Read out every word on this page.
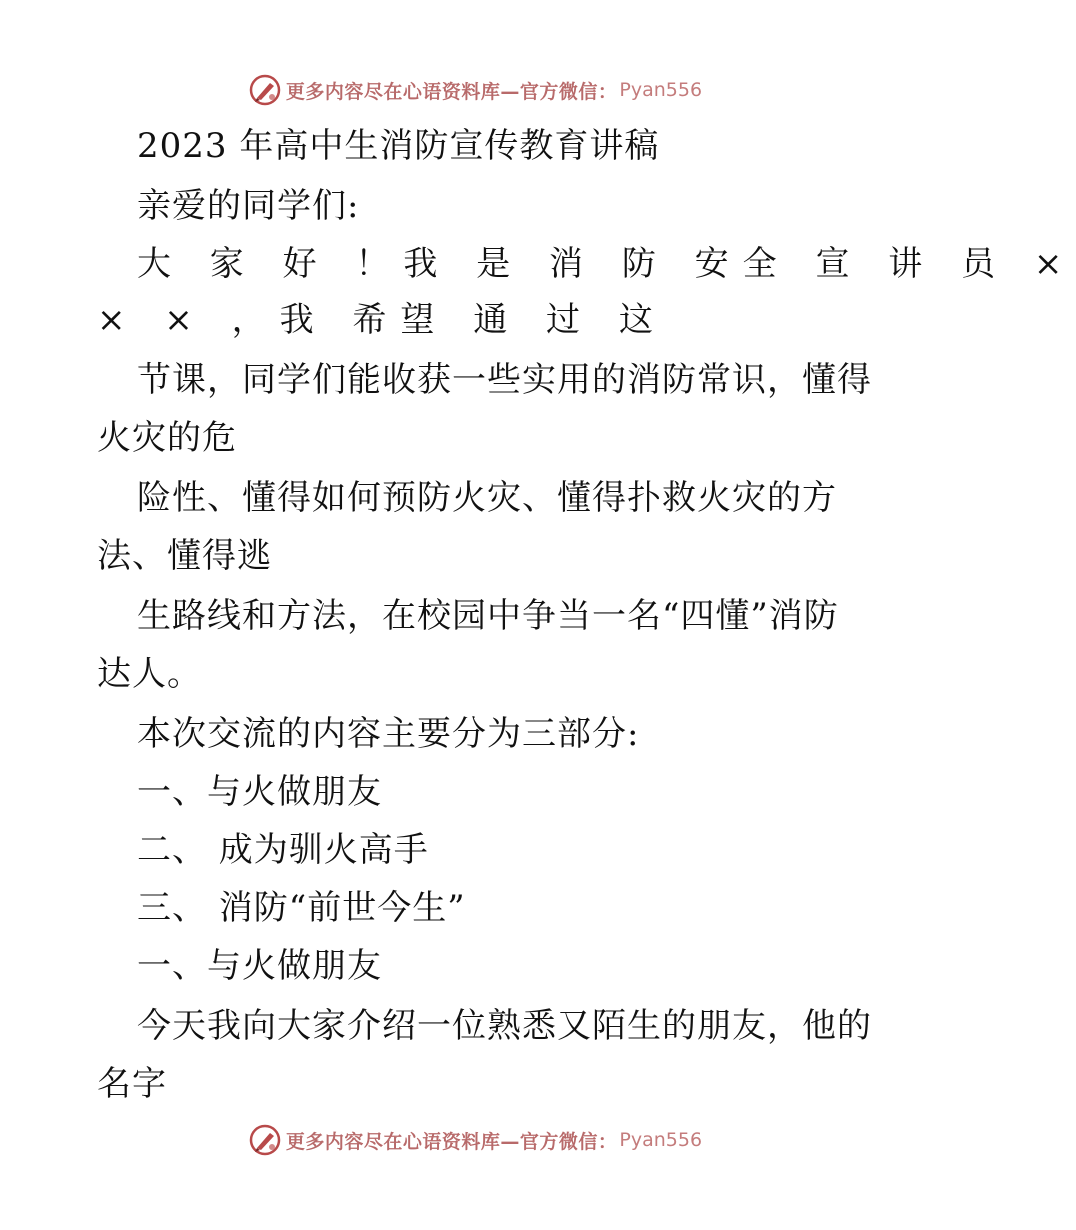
更多内容尽在心语资料库—官方微信： Pyan556
2023 年高中生消防宣传教育讲稿
亲爱的同学们:
大 家 好 ！我 是 消 防 安全 宣 讲 员 ×
× × ，我 希望 通 过 这
节课，同学们能收获一些实用的消防常识，懂得
火灾的危
险性、懂得如何预防火灾、懂得扑救火灾的方
法、懂得逃
生路线和方法，在校园中争当一名“四懂”消防
达人。
本次交流的内容主要分为三部分:
一、与火做朋友
二、 成为驯火高手
三、 消防“前世今生”
一、与火做朋友
今天我向大家介绍一位熟悉又陌生的朋友，他的
名字
更多内容尽在心语资料库—官方微信： Pyan556
